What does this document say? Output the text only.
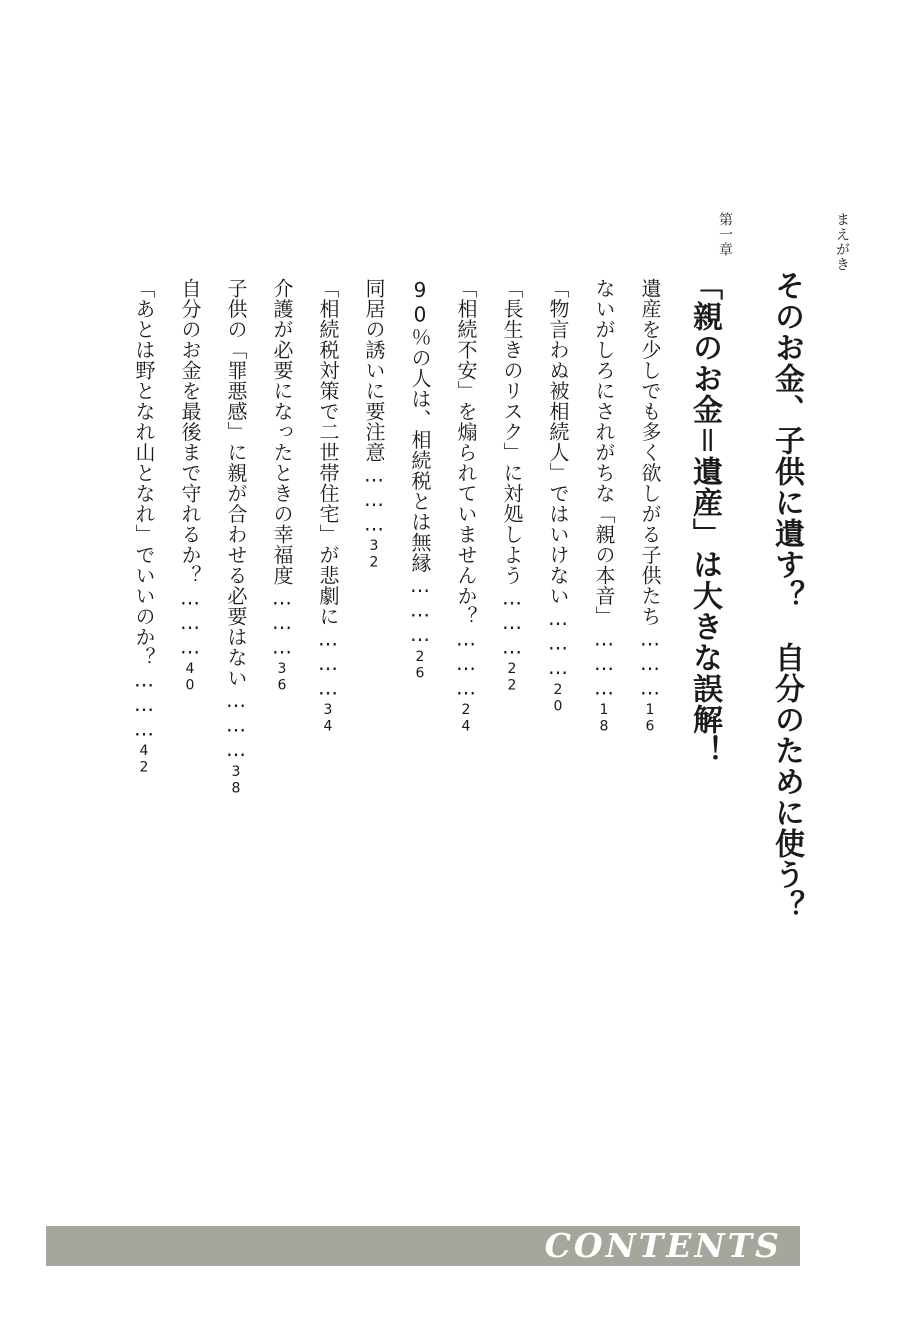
まえがき
そのお金、子供に遺す？　自分のために使う？
第一章
「親のお金＝遺産」は大きな誤解！
遺産を少しでも多く欲しがる子供たち………16
ないがしろにされがちな「親の本音」………18
「物言わぬ被相続人」ではいけない………20
「長生きのリスク」に対処しよう………22
「相続不安」を煽られていませんか？………24
90％の人は、相続税とは無縁………26
同居の誘いに要注意………32
「相続税対策で二世帯住宅」が悲劇に………34
介護が必要になったときの幸福度………36
子供の「罪悪感」に親が合わせる必要はない………38
自分のお金を最後まで守れるか？………40
「あとは野となれ山となれ」でいいのか？………42
CONTENTS
